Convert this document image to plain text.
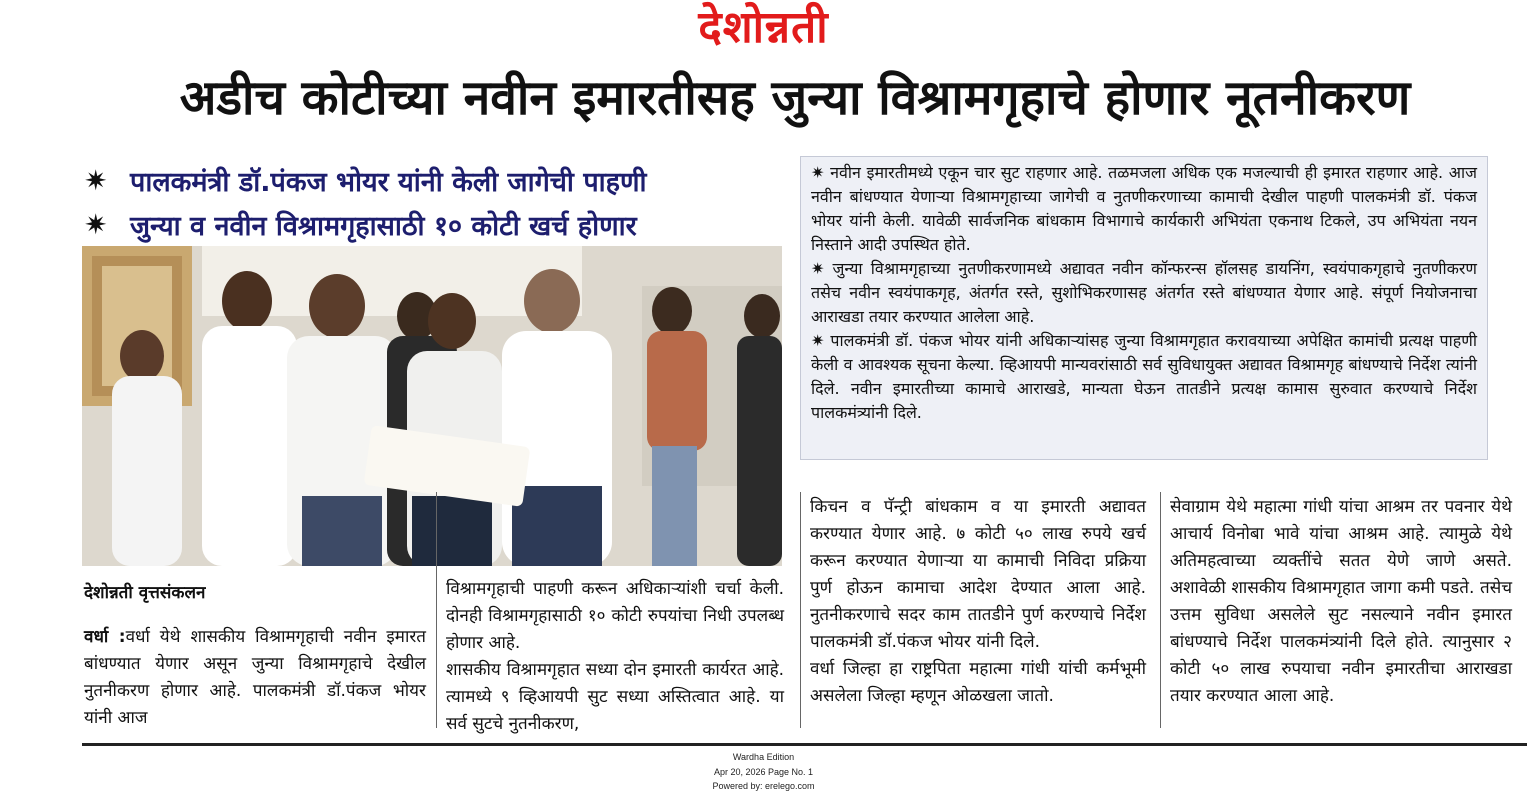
देशोन्नती
अडीच कोटीच्या नवीन इमारतीसह जुन्या विश्रामगृहाचे होणार नूतनीकरण
✷ पालकमंत्री डॉ.पंकज भोयर यांनी केली जागेची पाहणी
✷ जुन्या व नवीन विश्रामगृहासाठी १० कोटी खर्च होणार

✷ नवीन इमारतीमध्ये एकून चार सुट राहणार आहे. तळमजला अधिक एक मजल्याची ही इमारत राहणार आहे. आज नवीन बांधण्यात येणाऱ्या विश्रामगृहाच्या जागेची व नुतणीकरणाच्या कामाची देखील पाहणी पालकमंत्री डॉ. पंकज भोयर यांनी केली. यावेळी सार्वजनिक बांधकाम विभागाचे कार्यकारी अभियंता एकनाथ टिकले, उप अभियंता नयन निस्ताने आदी उपस्थित होते.

✷ जुन्या विश्रामगृहाच्या नुतणीकरणामध्ये अद्यावत नवीन कॉन्फरन्स हॉलसह डायनिंग, स्वयंपाकगृहाचे नुतणीकरण तसेच नवीन स्वयंपाकगृह, अंतर्गत रस्ते, सुशोभिकरणासह अंतर्गत रस्ते बांधण्यात येणार आहे. संपूर्ण नियोजनाचा आराखडा तयार करण्यात आलेला आहे.

✷ पालकमंत्री डॉ. पंकज भोयर यांनी अधिकाऱ्यांसह जुन्या विश्रामगृहात करावयाच्या अपेक्षित कामांची प्रत्यक्ष पाहणी केली व आवश्यक सूचना केल्या. व्हिआयपी मान्यवरांसाठी सर्व सुविधायुक्त अद्यावत विश्रामगृह बांधण्याचे निर्देश त्यांनी दिले. नवीन इमारतीच्या कामाचे आराखडे, मान्यता घेऊन तातडीने प्रत्यक्ष कामास सुरुवात करण्याचे निर्देश पालकमंत्र्यांनी दिले.

देशोन्नती वृत्तसंकलन
वर्धा :वर्धा येथे शासकीय विश्रामगृहाची नवीन इमारत बांधण्यात येणार असून जुन्या विश्रामगृहाचे देखील नुतनीकरण होणार आहे. पालकमंत्री डॉ.पंकज भोयर यांनी आज
विश्रामगृहाची पाहणी करून अधिकाऱ्यांशी चर्चा केली. दोनही विश्रामगृहासाठी १० कोटी रुपयांचा निधी उपलब्ध होणार आहे.
शासकीय विश्रामगृहात सध्या दोन इमारती कार्यरत आहे. त्यामध्ये ९ व्हिआयपी सुट सध्या अस्तित्वात आहे. या सर्व सुटचे नुतनीकरण,
किचन व पॅन्ट्री बांधकाम व या इमारती अद्यावत करण्यात येणार आहे. ७ कोटी ५० लाख रुपये खर्च करून करण्यात येणाऱ्या या कामाची निविदा प्रक्रिया पुर्ण होऊन कामाचा आदेश देण्यात आला आहे. नुतनीकरणाचे सदर काम तातडीने पुर्ण करण्याचे निर्देश पालकमंत्री डॉ.पंकज भोयर यांनी दिले.
वर्धा जिल्हा हा राष्ट्रपिता महात्मा गांधी यांची कर्मभूमी असलेला जिल्हा म्हणून ओळखला जातो.
सेवाग्राम येथे महात्मा गांधी यांचा आश्रम तर पवनार येथे आचार्य विनोबा भावे यांचा आश्रम आहे. त्यामुळे येथे अतिमहत्वाच्या व्यक्तींचे सतत येणे जाणे असते. अशावेळी शासकीय विश्रामगृहात जागा कमी पडते. तसेच उत्तम सुविधा असलेले सुट नसल्याने नवीन इमारत बांधण्याचे निर्देश पालकमंत्र्यांनी दिले होते. त्यानुसार २ कोटी ५० लाख रुपयाचा नवीन इमारतीचा आराखडा तयार करण्यात आला आहे.
Wardha Edition
Apr 20, 2026 Page No. 1
Powered by: erelego.com
